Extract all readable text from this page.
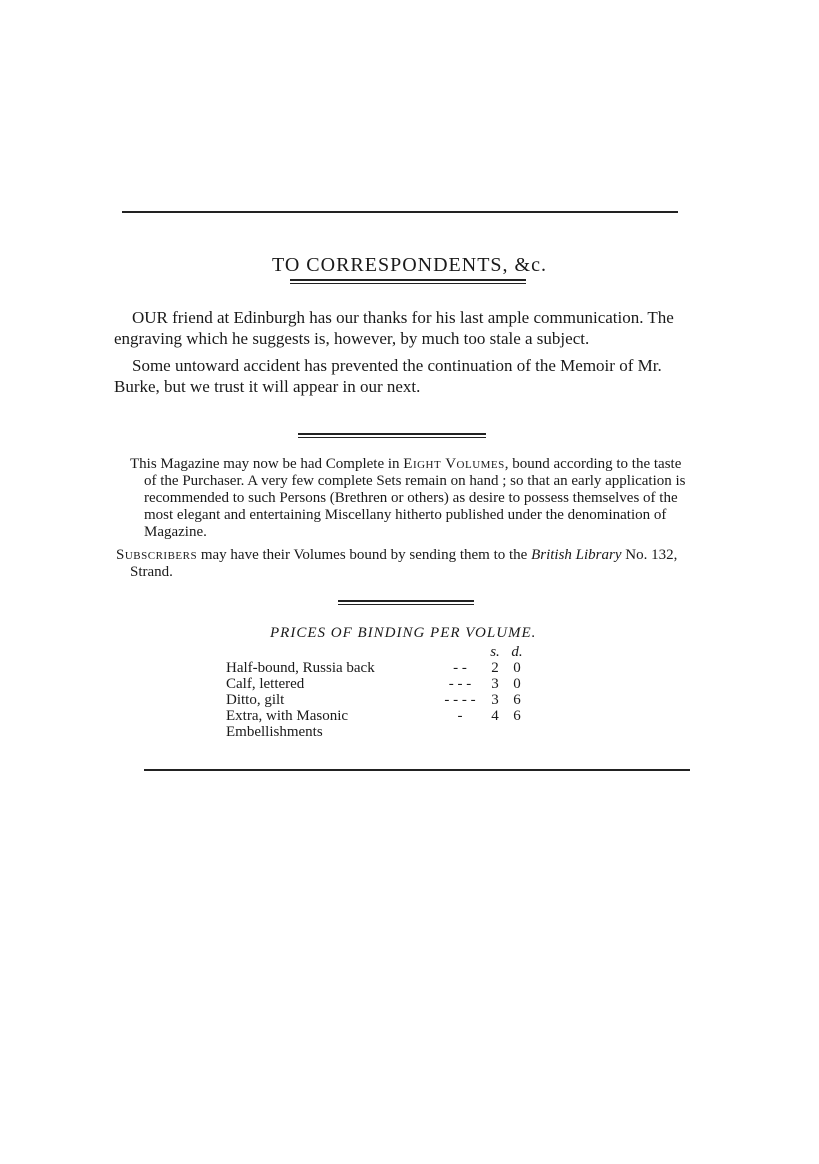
TO CORRESPONDENTS, &c.

OUR friend at Edinburgh has our thanks for his last ample communication. The engraving which he suggests is, however, by much too stale a subject.

Some untoward accident has prevented the continuation of the Memoir of Mr. Burke, but we trust it will appear in our next.

This Magazine may now be had Complete in Eight Volumes, bound according to the taste of the Purchaser. A very few complete Sets remain on hand ; so that an early application is recommended to such Persons (Brethren or others) as desire to possess themselves of the most elegant and entertaining Miscellany hitherto published under the denomination of Magazine.

Subscribers may have their Volumes bound by sending them to the British Library No. 132, Strand.

PRICES OF BINDING PER VOLUME.
		s.	d.
Half-bound, Russia back	- -	2	0
Calf, lettered	- - -	3	0
Ditto, gilt	- - - -	3	6
Extra, with Masonic Embellishments	-	4	6
